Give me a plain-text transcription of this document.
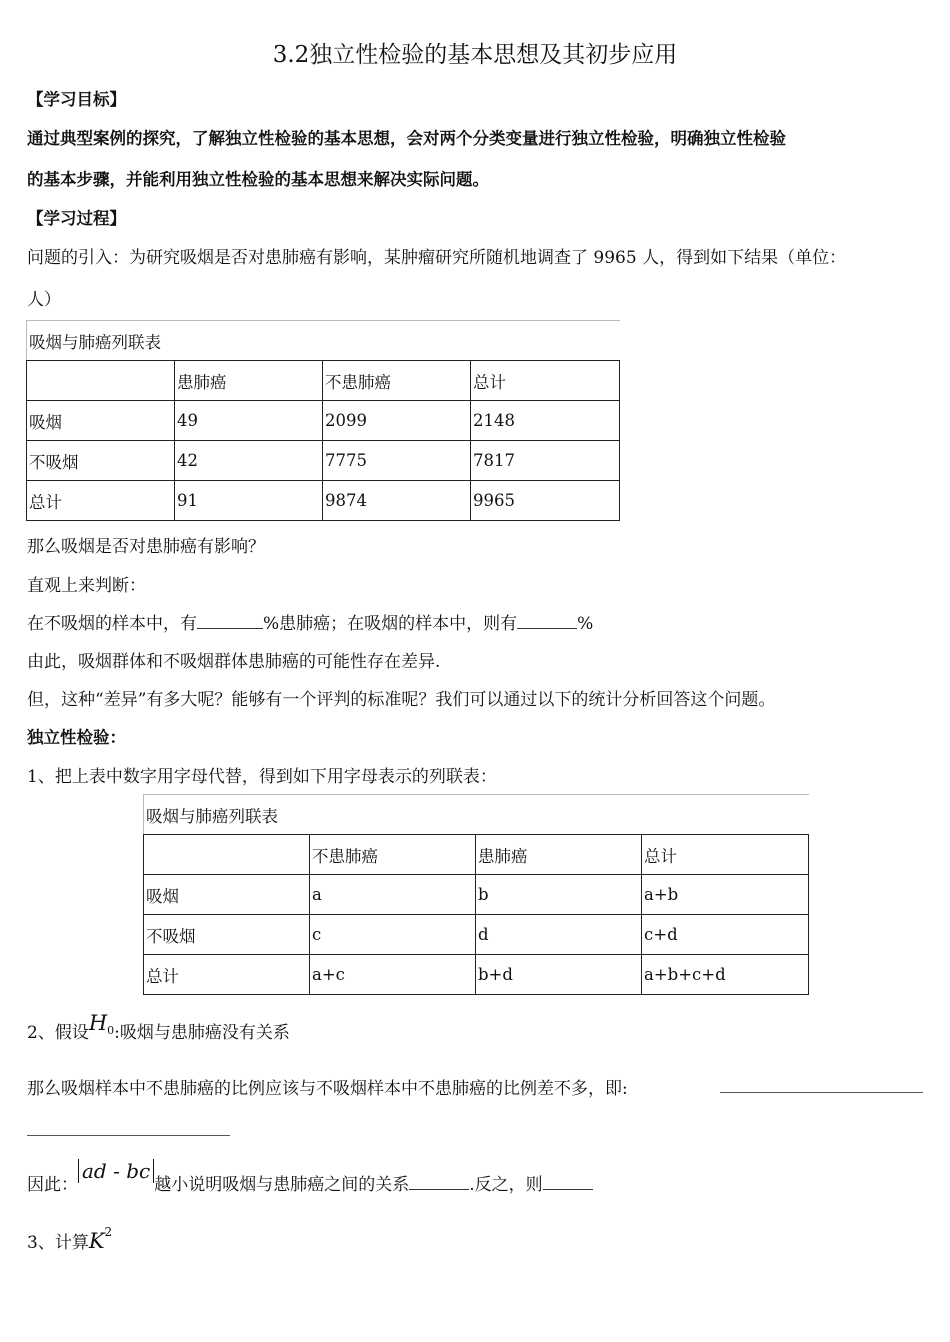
3.2独立性检验的基本思想及其初步应用
【学习目标】
通过典型案例的探究，了解独立性检验的基本思想，会对两个分类变量进行独立性检验，明确独立性检验
的基本步骤，并能利用独立性检验的基本思想来解决实际问题。
【学习过程】
问题的引入：为研究吸烟是否对患肺癌有影响，某肿瘤研究所随机地调查了 9965 人，得到如下结果（单位：
人）
吸烟与肺癌列联表			
	患肺癌	不患肺癌	总计
吸烟	49	2099	2148
不吸烟	42	7775	7817
总计	91	9874	9965
那么吸烟是否对患肺癌有影响？
直观上来判断：
在不吸烟的样本中，有	%患肺癌；在吸烟的样本中，则有	%
由此，吸烟群体和不吸烟群体患肺癌的可能性存在差异.
但，这种“差异”有多大呢？能够有一个评判的标准呢？我们可以通过以下的统计分析回答这个问题。
独立性检验：
1、把上表中数字用字母代替，得到如下用字母表示的列联表：
吸烟与肺癌列联表			
	不患肺癌	患肺癌	总计
吸烟	a	b	a+b
不吸烟	c	d	c+d
总计	a+c	b+d	a+b+c+d
2、假设$H^0$:吸烟与患肺癌没有关系
那么吸烟样本中不患肺癌的比例应该与不吸烟样本中不患肺癌的比例差不多，即:
因此：ad - bc越小说明吸烟与患肺癌之间的关系	.反之，则
3、计算$K^2$
